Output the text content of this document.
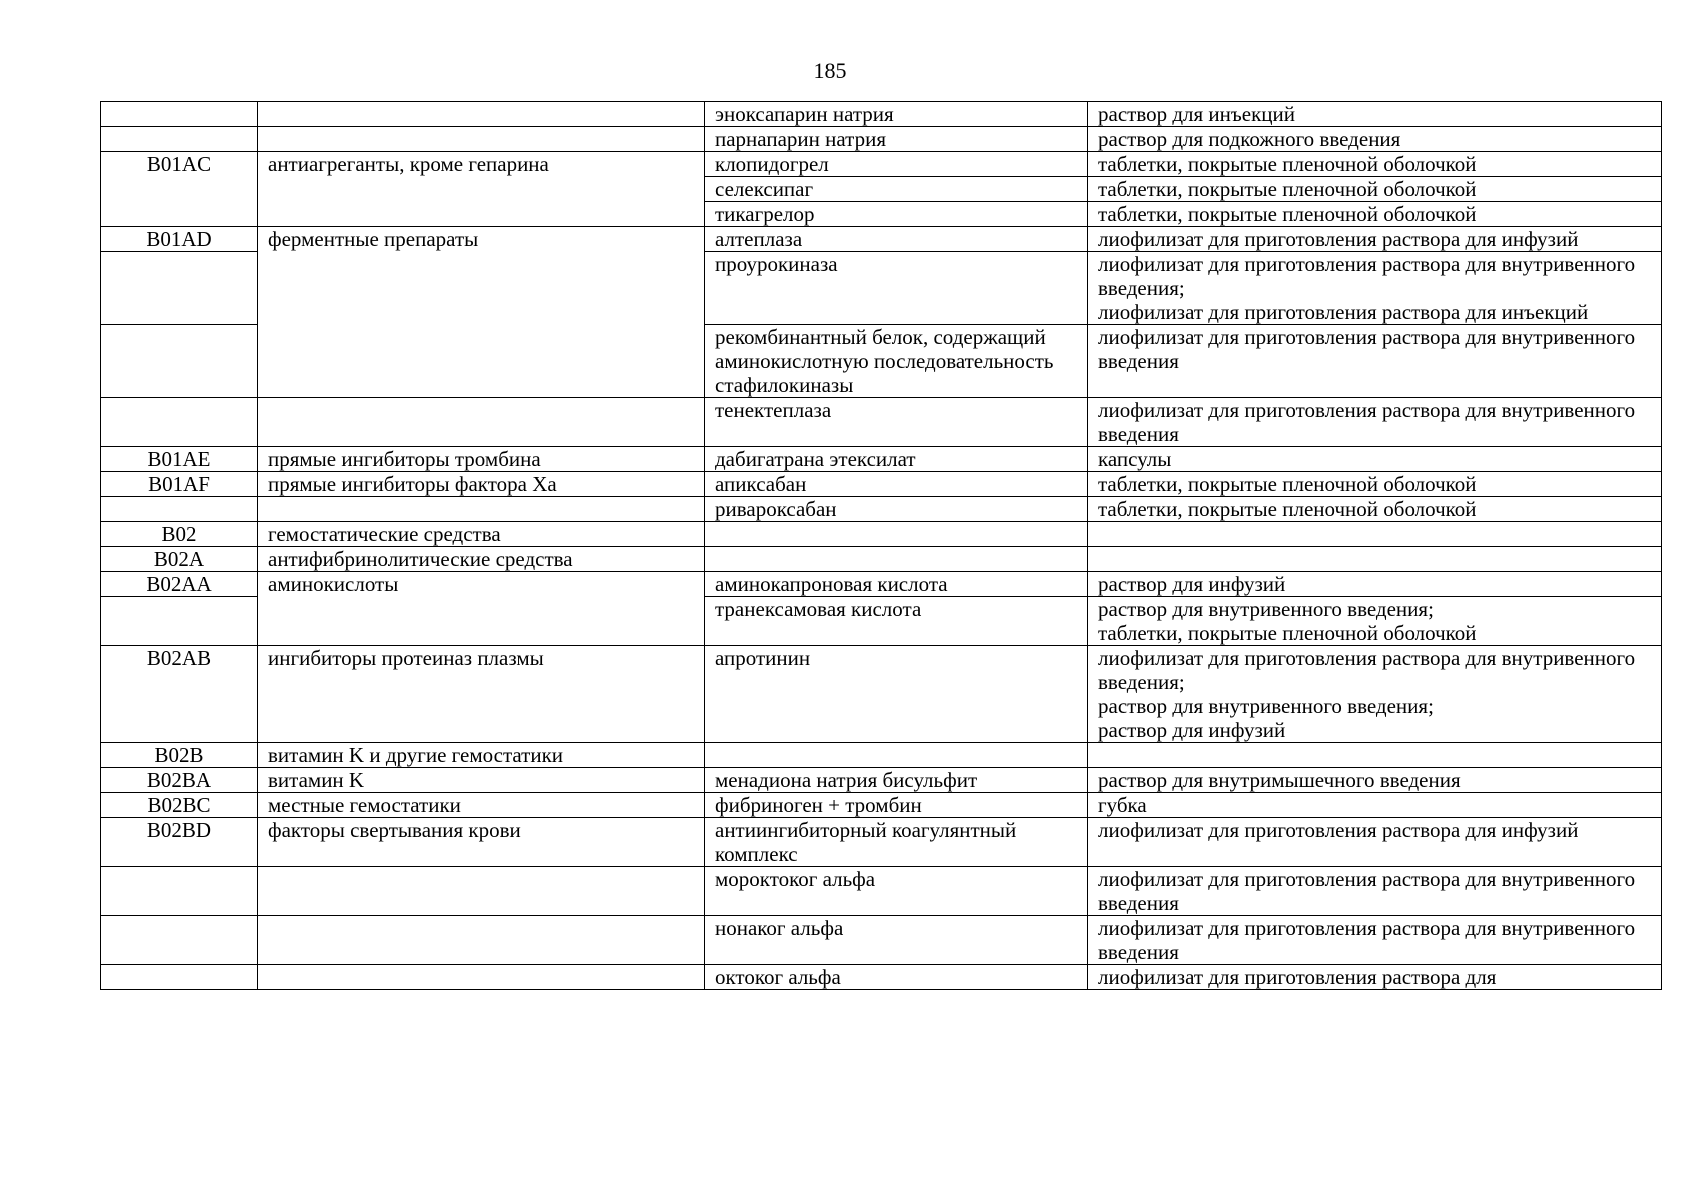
185
		эноксапарин натрия	раствор для инъекций
		парнапарин натрия	раствор для подкожного введения
B01AC	антиагреганты, кроме гепарина	клопидогрел	таблетки, покрытые пленочной оболочкой
		селексипаг	таблетки, покрытые пленочной оболочкой
		тикагрелор	таблетки, покрытые пленочной оболочкой
B01AD	ферментные препараты	алтеплаза	лиофилизат для приготовления раствора для инфузий
		проурокиназа	лиофилизат для приготовления раствора для внутривенного введения;
лиофилизат для приготовления раствора для инъекций
		рекомбинантный белок, содержащий аминокислотную последовательность стафилокиназы	лиофилизат для приготовления раствора для внутривенного введения
		тенектеплаза	лиофилизат для приготовления раствора для внутривенного введения
B01AE	прямые ингибиторы тромбина	дабигатрана этексилат	капсулы
B01AF	прямые ингибиторы фактора Xa	апиксабан	таблетки, покрытые пленочной оболочкой
		ривароксабан	таблетки, покрытые пленочной оболочкой
B02	гемостатические средства		
B02A	антифибринолитические средства		
B02AA	аминокислоты	аминокапроновая кислота	раствор для инфузий
		транексамовая кислота	раствор для внутривенного введения;
таблетки, покрытые пленочной оболочкой
B02AB	ингибиторы протеиназ плазмы	апротинин	лиофилизат для приготовления раствора для внутривенного введения;
раствор для внутривенного введения;
раствор для инфузий
B02B	витамин K и другие гемостатики		
B02BA	витамин K	менадиона натрия бисульфит	раствор для внутримышечного введения
B02BC	местные гемостатики	фибриноген + тромбин	губка
B02BD	факторы свертывания крови	антиингибиторный коагулянтный комплекс	лиофилизат для приготовления раствора для инфузий
		мороктоког альфа	лиофилизат для приготовления раствора для внутривенного введения
		нонаког альфа	лиофилизат для приготовления раствора для внутривенного введения
		октоког альфа	лиофилизат для приготовления раствора для
